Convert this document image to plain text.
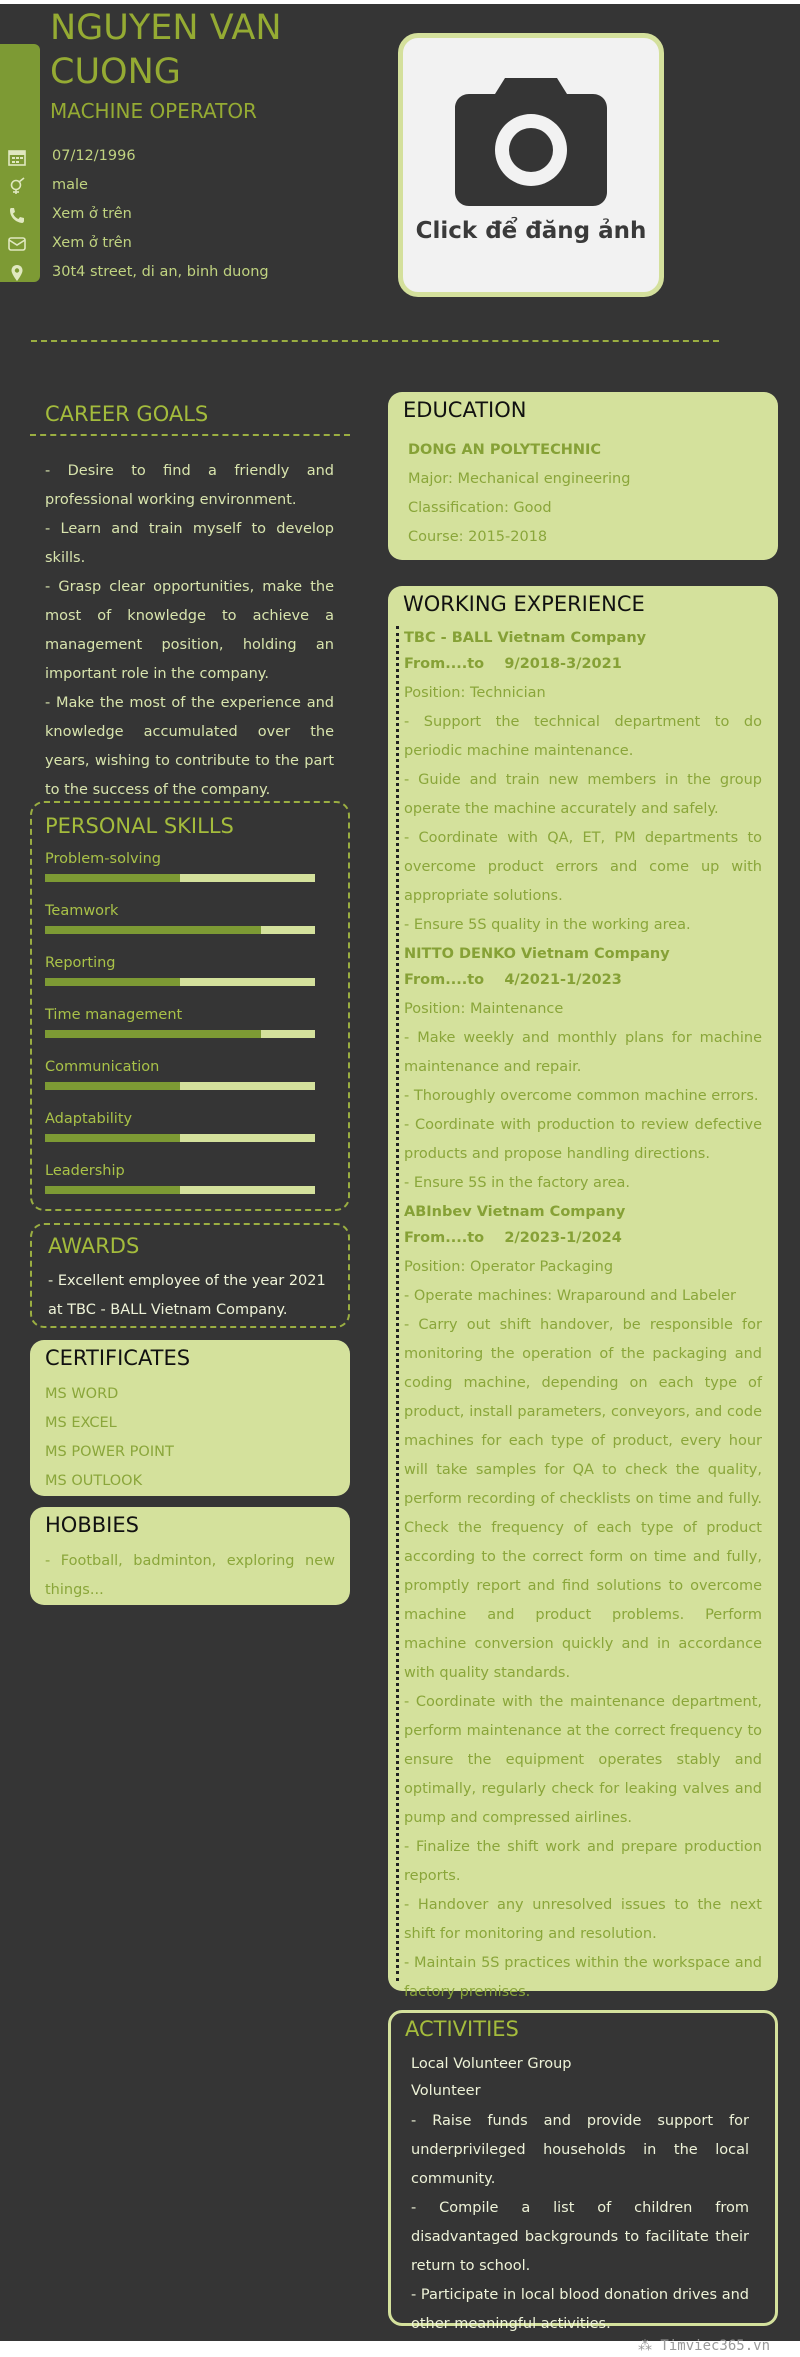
NGUYEN VAN CUONG
MACHINE OPERATOR
07/12/1996
male
Xem ở trên
Xem ở trên
30t4 street, di an, binh duong
Click để đăng ảnh
CAREER GOALS
- Desire to find a friendly and professional working environment.
- Learn and train myself to develop skills.
- Grasp clear opportunities, make the most of knowledge to achieve a management position, holding an important role in the company.
- Make the most of the experience and knowledge accumulated over the years, wishing to contribute to the part to the success of the company.
PERSONAL SKILLS
AWARDS
- Excellent employee of the year 2021 at TBC - BALL Vietnam Company.
CERTIFICATES
MS WORD
MS EXCEL
MS POWER POINT
MS OUTLOOK
HOBBIES
- Football, badminton, exploring new things...
EDUCATION
DONG AN POLYTECHNIC
Major: Mechanical engineering
Classification: Good
Course: 2015-2018
WORKING EXPERIENCE
TBC - BALL Vietnam Company
From....to    9/2018-3/2021
Position: Technician
- Support the technical department to do periodic machine maintenance.
- Guide and train new members in the group operate the machine accurately and safely.
- Coordinate with QA, ET, PM departments to overcome product errors and come up with appropriate solutions.
- Ensure 5S quality in the working area.
NITTO DENKO Vietnam Company
From....to    4/2021-1/2023
Position: Maintenance
- Make weekly and monthly plans for machine maintenance and repair.
- Thoroughly overcome common machine errors.
- Coordinate with production to review defective products and propose handling directions.
- Ensure 5S in the factory area.
ABInbev Vietnam Company
From....to    2/2023-1/2024
Position: Operator Packaging
- Operate machines: Wraparound and Labeler
- Carry out shift handover, be responsible for monitoring the operation of the packaging and coding machine, depending on each type of product, install parameters, conveyors, and code machines for each type of product, every hour will take samples for QA to check the quality, perform recording of checklists on time and fully. Check the frequency of each type of product according to the correct form on time and fully, promptly report and find solutions to overcome machine and product problems. Perform machine conversion quickly and in accordance with quality standards.
- Coordinate with the maintenance department, perform maintenance at the correct frequency to ensure the equipment operates stably and optimally, regularly check for leaking valves and pump and compressed airlines.
- Finalize the shift work and prepare production reports.
- Handover any unresolved issues to the next shift for monitoring and resolution.
- Maintain 5S practices within the workspace and factory premises.
ACTIVITIES
Local Volunteer Group
Volunteer
- Raise funds and provide support for underprivileged households in the local community.
- Compile a list of children from disadvantaged backgrounds to facilitate their return to school.
- Participate in local blood donation drives and other meaningful activities.
Problem-solving
Teamwork
Reporting
Time management
Communication
Adaptability
Leadership
⁂ Timviec365.vn
